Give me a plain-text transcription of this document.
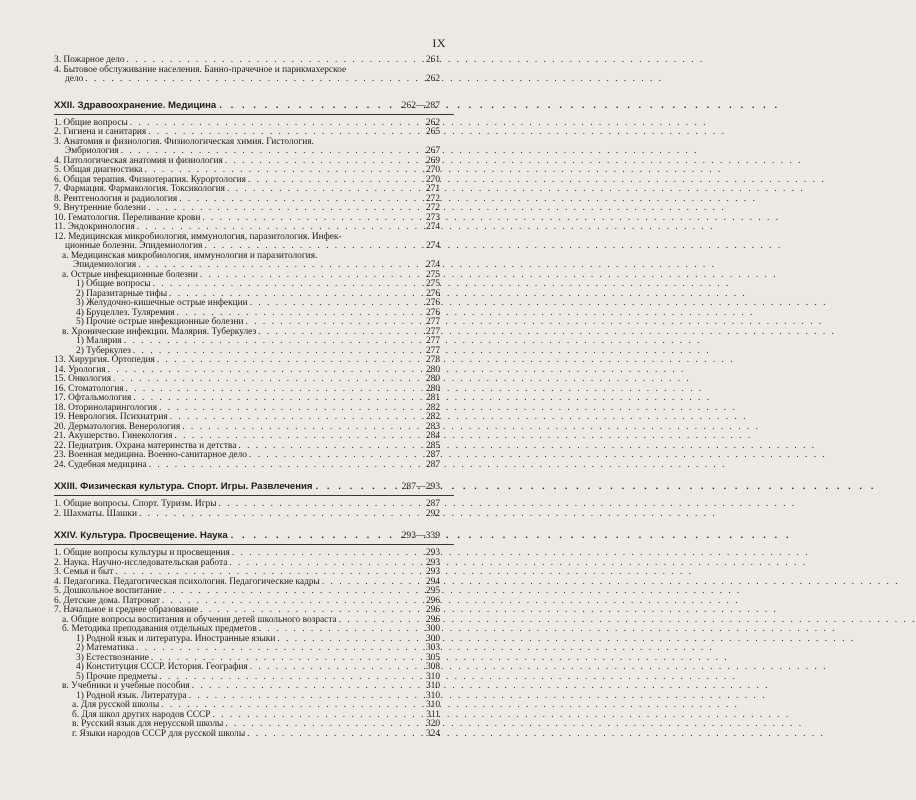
IX
3. Пожарное дело . . .	261
4. Бытовое обслуживание населения. Банно-прачечное и парикмахерское
дело . . .	262
XXII. Здравоохранение. Медицина . . .	262—287
1. Общие вопросы . . .	262
2. Гигиена и санитария . . .	265
3. Анатомия и физиология. Физиологическая химия. Гистология.
Эмбриология . . .	267
4. Патологическая анатомия и физиология . . .	269
5. Общая диагностика . . .	270
6. Общая терапия. Физиотерапия. Курортология . . .	270
7. Фармация. Фармакология. Токсикология . . .	271
8. Рентгенология и радиология . . .	272
9. Внутренние болезни . . .	272
10. Гематология. Переливание крови . . .	273
11. Эндокринология . . .	274
12. Медицинская микробиология, иммунология, паразитология. Инфек-
ционные болезни. Эпидемиология . . .	274
а. Медицинская микробиология, иммунология и паразитология.
Эпидемиология . . .	274
а. Острые инфекционные болезни . . .	275
1) Общие вопросы . . .	275
2) Паразитарные тифы . . .	276
3) Желудочно-кишечные острые инфекции . . .	276
4) Бруцеллез. Туляремия . . .	276
5) Прочие острые инфекционные болезни . . .	277
в. Хронические инфекции. Малярия. Туберкулез . . .	277
1) Малярия . . .	277
2) Туберкулез . . .	277
13. Хирургия. Ортопедия . . .	278
14. Урология . . .	280
15. Онкология . . .	280
16. Стоматология . . .	280
17. Офтальмология . . .	281
18. Оториноларингология . . .	282
19. Неврология. Психиатрия . . .	282
20. Дерматология. Венерология . . .	283
21. Акушерство. Гинекология . . .	284
22. Педиатрия. Охрана материнства и детства . . .	285
23. Военная медицина. Военно-санитарное дело . . .	287
24. Судебная медицина . . .	287
XXIII. Физическая культура. Спорт. Игры. Развлечения . . .	287—293
1. Общие вопросы. Спорт. Туризм. Игры . . .	287
2. Шахматы. Шашки . . .	292
XXIV. Культура. Просвещение. Наука . . .	293—339
1. Общие вопросы культуры и просвещения . . .	293
2. Наука. Научно-исследовательская работа . . .	293
3. Семья и быт . . .	293
4. Педагогика. Педагогическая психология. Педагогические кадры . . .	294
5. Дошкольное воспитание . . .	295
6. Детские дома. Патронат . . .	296
7. Начальное и среднее образование . . .	296
а. Общие вопросы воспитания и обучения детей школьного возраста . . .	296
б. Методика преподавания отдельных предметов . . .	300
1) Родной язык и литература. Иностранные языки . . .	300
2) Математика . . .	303
3) Естествознание . . .	305
4) Конституция СССР. История. География . . .	308
5) Прочие предметы . . .	310
в. Учебники и учебные пособия . . .	310
1) Родной язык. Литература . . .	310
а. Для русской школы . . .	310
б. Для школ других народов СССР . . .	311
в. Русский язык для нерусской школы . . .	320
г. Языки народов СССР для русской школы . . .	324
